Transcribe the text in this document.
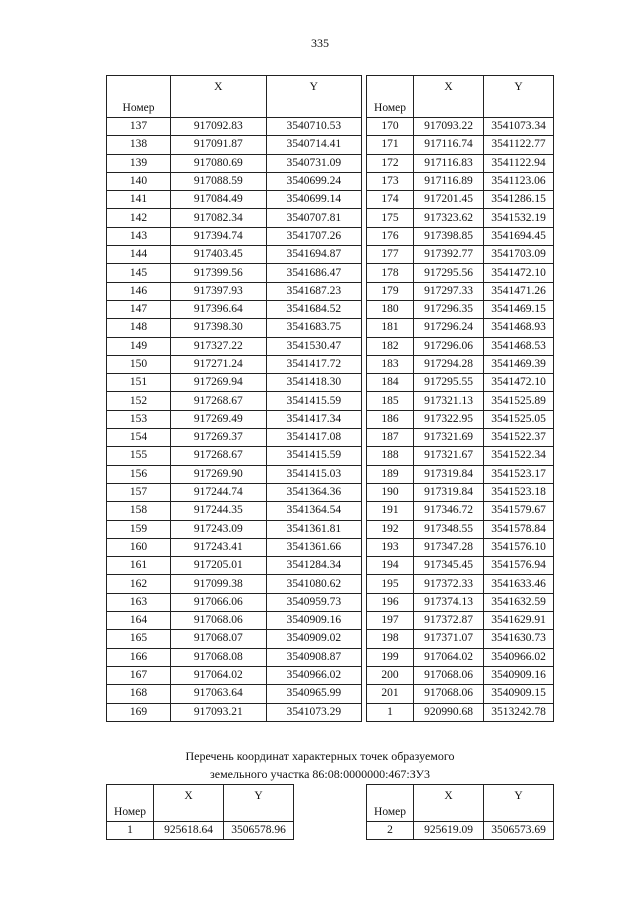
335
Номер	X	Y
137	917092.83	3540710.53
138	917091.87	3540714.41
139	917080.69	3540731.09
140	917088.59	3540699.24
141	917084.49	3540699.14
142	917082.34	3540707.81
143	917394.74	3541707.26
144	917403.45	3541694.87
145	917399.56	3541686.47
146	917397.93	3541687.23
147	917396.64	3541684.52
148	917398.30	3541683.75
149	917327.22	3541530.47
150	917271.24	3541417.72
151	917269.94	3541418.30
152	917268.67	3541415.59
153	917269.49	3541417.34
154	917269.37	3541417.08
155	917268.67	3541415.59
156	917269.90	3541415.03
157	917244.74	3541364.36
158	917244.35	3541364.54
159	917243.09	3541361.81
160	917243.41	3541361.66
161	917205.01	3541284.34
162	917099.38	3541080.62
163	917066.06	3540959.73
164	917068.06	3540909.16
165	917068.07	3540909.02
166	917068.08	3540908.87
167	917064.02	3540966.02
168	917063.64	3540965.99
169	917093.21	3541073.29
Номер	X	Y
170	917093.22	3541073.34
171	917116.74	3541122.77
172	917116.83	3541122.94
173	917116.89	3541123.06
174	917201.45	3541286.15
175	917323.62	3541532.19
176	917398.85	3541694.45
177	917392.77	3541703.09
178	917295.56	3541472.10
179	917297.33	3541471.26
180	917296.35	3541469.15
181	917296.24	3541468.93
182	917296.06	3541468.53
183	917294.28	3541469.39
184	917295.55	3541472.10
185	917321.13	3541525.89
186	917322.95	3541525.05
187	917321.69	3541522.37
188	917321.67	3541522.34
189	917319.84	3541523.17
190	917319.84	3541523.18
191	917346.72	3541579.67
192	917348.55	3541578.84
193	917347.28	3541576.10
194	917345.45	3541576.94
195	917372.33	3541633.46
196	917374.13	3541632.59
197	917372.87	3541629.91
198	917371.07	3541630.73
199	917064.02	3540966.02
200	917068.06	3540909.16
201	917068.06	3540909.15
1	920990.68	3513242.78
Перечень координат характерных точек образуемого
земельного участка 86:08:0000000:467:ЗУ3
Номер	X	Y
1	925618.64	3506578.96
Номер	X	Y
2	925619.09	3506573.69
